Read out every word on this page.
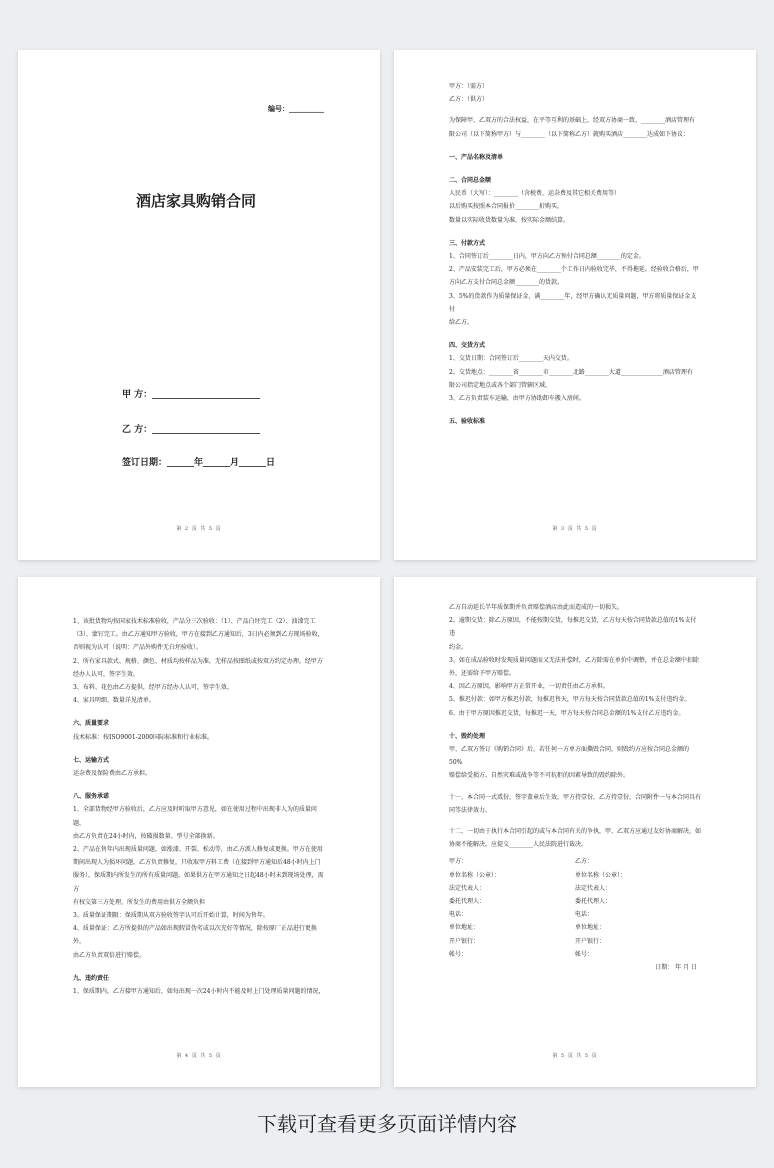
编号：__________
酒店家具购销合同
甲 方：________________________
乙 方：________________________
签订日期：______年______月______日
第 2 页 共 5 页

甲方：（需方）

乙方：（供方）

为保障甲、乙双方的合法权益，在平等互利的基础上，经双方协商一致，________酒店管理有

限公司（以下简称甲方）与________（以下简称乙方）就购买酒店________达成如下协议：

一、产品名称及清单

二、合同总金额

人民币（大写）：________（含税费、运杂费及其它相关费用等）

以后购买按照本合同报价________折购买。

数量以实际收货数量为准，按实际金额结算。

三、付款方式

1、合同签订后________日内，甲方向乙方预付合同总额________的定金。

2、产品安装完工后，甲方必须在________个工作日内验收完毕，不得拖延。经验收合格后，甲

方向乙方支付合同总金额________的货款。

3、5%的货款作为质量保证金，满________年，经甲方确认无质量问题，甲方将质量保证金支付

给乙方。

四、交货方式

1、交货日期：合同签订后________天内交货。

2、交货地点：________省________市________北路________大道______________酒店管理有

限公司指定地点或各个部门管辖区域。

3、乙方负责装车运输，由甲方协助卸车搬入房间。

五、验收标准

第 3 页 共 5 页

1、该批货物均按国家技术标准验收，产品分三次验收：（1）、产品白坯完工（2）、油漆完工

（3）、蒙钉完工。由乙方通知甲方验收，甲方在接到乙方通知后，3日内必须到乙方现场验收，

否则视为认可（说明：产品外购件无白坯验收）。

2、所有家具款式、规格、颜色、材质均按样品为准，无样品按图纸或按双方约定办理。经甲方

经办人认可，签字生效。

3、布料、花色由乙方提供，经甲方经办人认可，签字生效。

4、家具明细、数量详见清单。

六、质量要求

技术标准：按ISO9001-2000国际标准和行业标准。

七、运输方式

运杂费及保险费由乙方承担。

八、服务承诺

1、全部货物经甲方验收后，乙方应及时听取甲方意见，如在使用过程中出现非人为的质量问题，

由乙方负责在24小时内，按破损数量、型号全部换新。

2、产品在售年内出现质量问题，如涨漆、开裂、松动等，由乙方派人修复或更换。甲方在使用

期间出现人为损坏问题，乙方负责修复，只收取甲方料工费（在接到甲方通知后48小时内上门

服务），保质期内所发生的所有质量问题，如果供方在甲方通知之日起48小时未到现场处理，需方

有权交第三方处理，所发生的费用由供方全额负担

3、质量保证期限：保质期从双方验收签字认可后开始计算，时间为售年。

4、质量保证：乙方所提供的产品如出现假冒伪劣或以次充好等情况，除按原厂正品进行更换外，

由乙方负责双倍进行赔偿。

九、违约责任

1、保质期内，乙方接甲方通知后，如每出现一次24小时内不能及时上门处理质量问题的情况，

第 4 页 共 5 页

乙方自动延长半年质保期并负责赔偿酒店由此而造成的一切损失。

2、逾期交货：除乙方原因，不能按期交货，每推迟交货，乙方每天按合同货款总值的1%支付违

约金。

3、如在成品验收时发现质量问题而又无法补偿时，乙方除需在单价中调整，并在总金额中扣除

外，还需给予甲方赔偿。

4、因乙方原因，影响甲方正常开业，一切责任由乙方承担。

5、推迟付款：如甲方推迟付款，每推迟售天，甲方每天按合同货款总值的1%支付违约金。

6、由于甲方原因推迟交货，每推迟一天，甲方每天按合同总金额的1%支付乙方违约金。

十、毁约处理

甲、乙双方签订《购销合同》后，若任何一方单方面撕毁合同，则毁约方应按合同总金额的50%

赔偿给受损方，自然灾难或战争等不可抗拒的因素导致的毁约除外。

十一、本合同一式贰份，签字盖章后生效，甲方持壹份，乙方持壹份，合同附件一与本合同具有

同等法律效力。

十二、一切由于执行本合同引起的或与本合同有关的争执，甲、乙双方应通过友好协商解决，如

协商不能解决，应提交________人民法院进行裁决。

甲方：	乙方：

单位名称（公章）：	单位名称（公章）：

法定代表人：	法定代表人：

委托代理人：	委托代理人：

电话：	电话：

单位地址：	单位地址：

开户银行：	开户银行：

帐号：	帐号：

日期： 年 月 日

第 5 页 共 5 页
下载可查看更多页面详情内容
